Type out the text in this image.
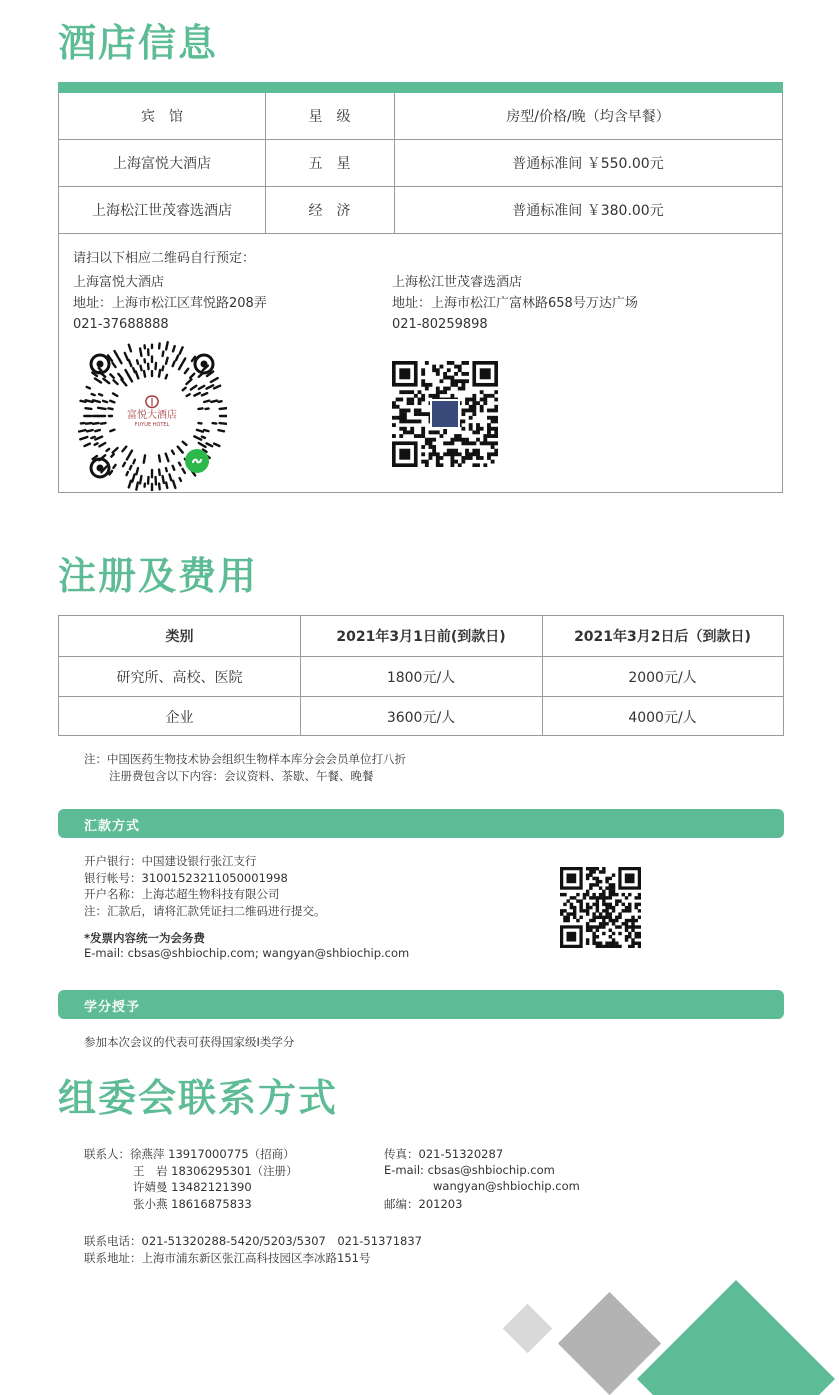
酒店信息
宾　馆	星　级	房型/价格/晚（均含早餐）
上海富悦大酒店	五　星	普通标准间 ￥550.00元
上海松江世茂睿选酒店	经　济	普通标准间 ￥380.00元
请扫以下相应二维码自行预定：
上海富悦大酒店
地址：上海市松江区茸悦路208弄
021-37688888
上海松江世茂睿选酒店
地址：上海市松江广富林路658号万达广场
021-80259898
富悦大酒店
FUYUE HOTEL
注册及费用
类别	2021年3月1日前(到款日)	2021年3月2日后（到款日)
研究所、高校、医院	1800元/人	2000元/人
企业	3600元/人	4000元/人
注：中国医药生物技术协会组织生物样本库分会会员单位打八折
注册费包含以下内容：会议资料、茶歇、午餐、晚餐
汇款方式
开户银行：中国建设银行张江支行
银行帐号：31001523211050001998
开户名称：上海芯超生物科技有限公司
注：汇款后，请将汇款凭证扫二维码进行提交。
*发票内容统一为会务费
E-mail: cbsas@shbiochip.com; wangyan@shbiochip.com
学分授予
参加本次会议的代表可获得国家级I类学分
组委会联系方式
联系人：徐燕萍 13917000775（招商）
王　岩 18306295301（注册）
许婧曼 13482121390
张小燕 18616875833
传真：021-51320287
E-mail: cbsas@shbiochip.com
wangyan@shbiochip.com
邮编：201203
联系电话：021-51320288-5420/5203/5307　021-51371837
联系地址：上海市浦东新区张江高科技园区李冰路151号
